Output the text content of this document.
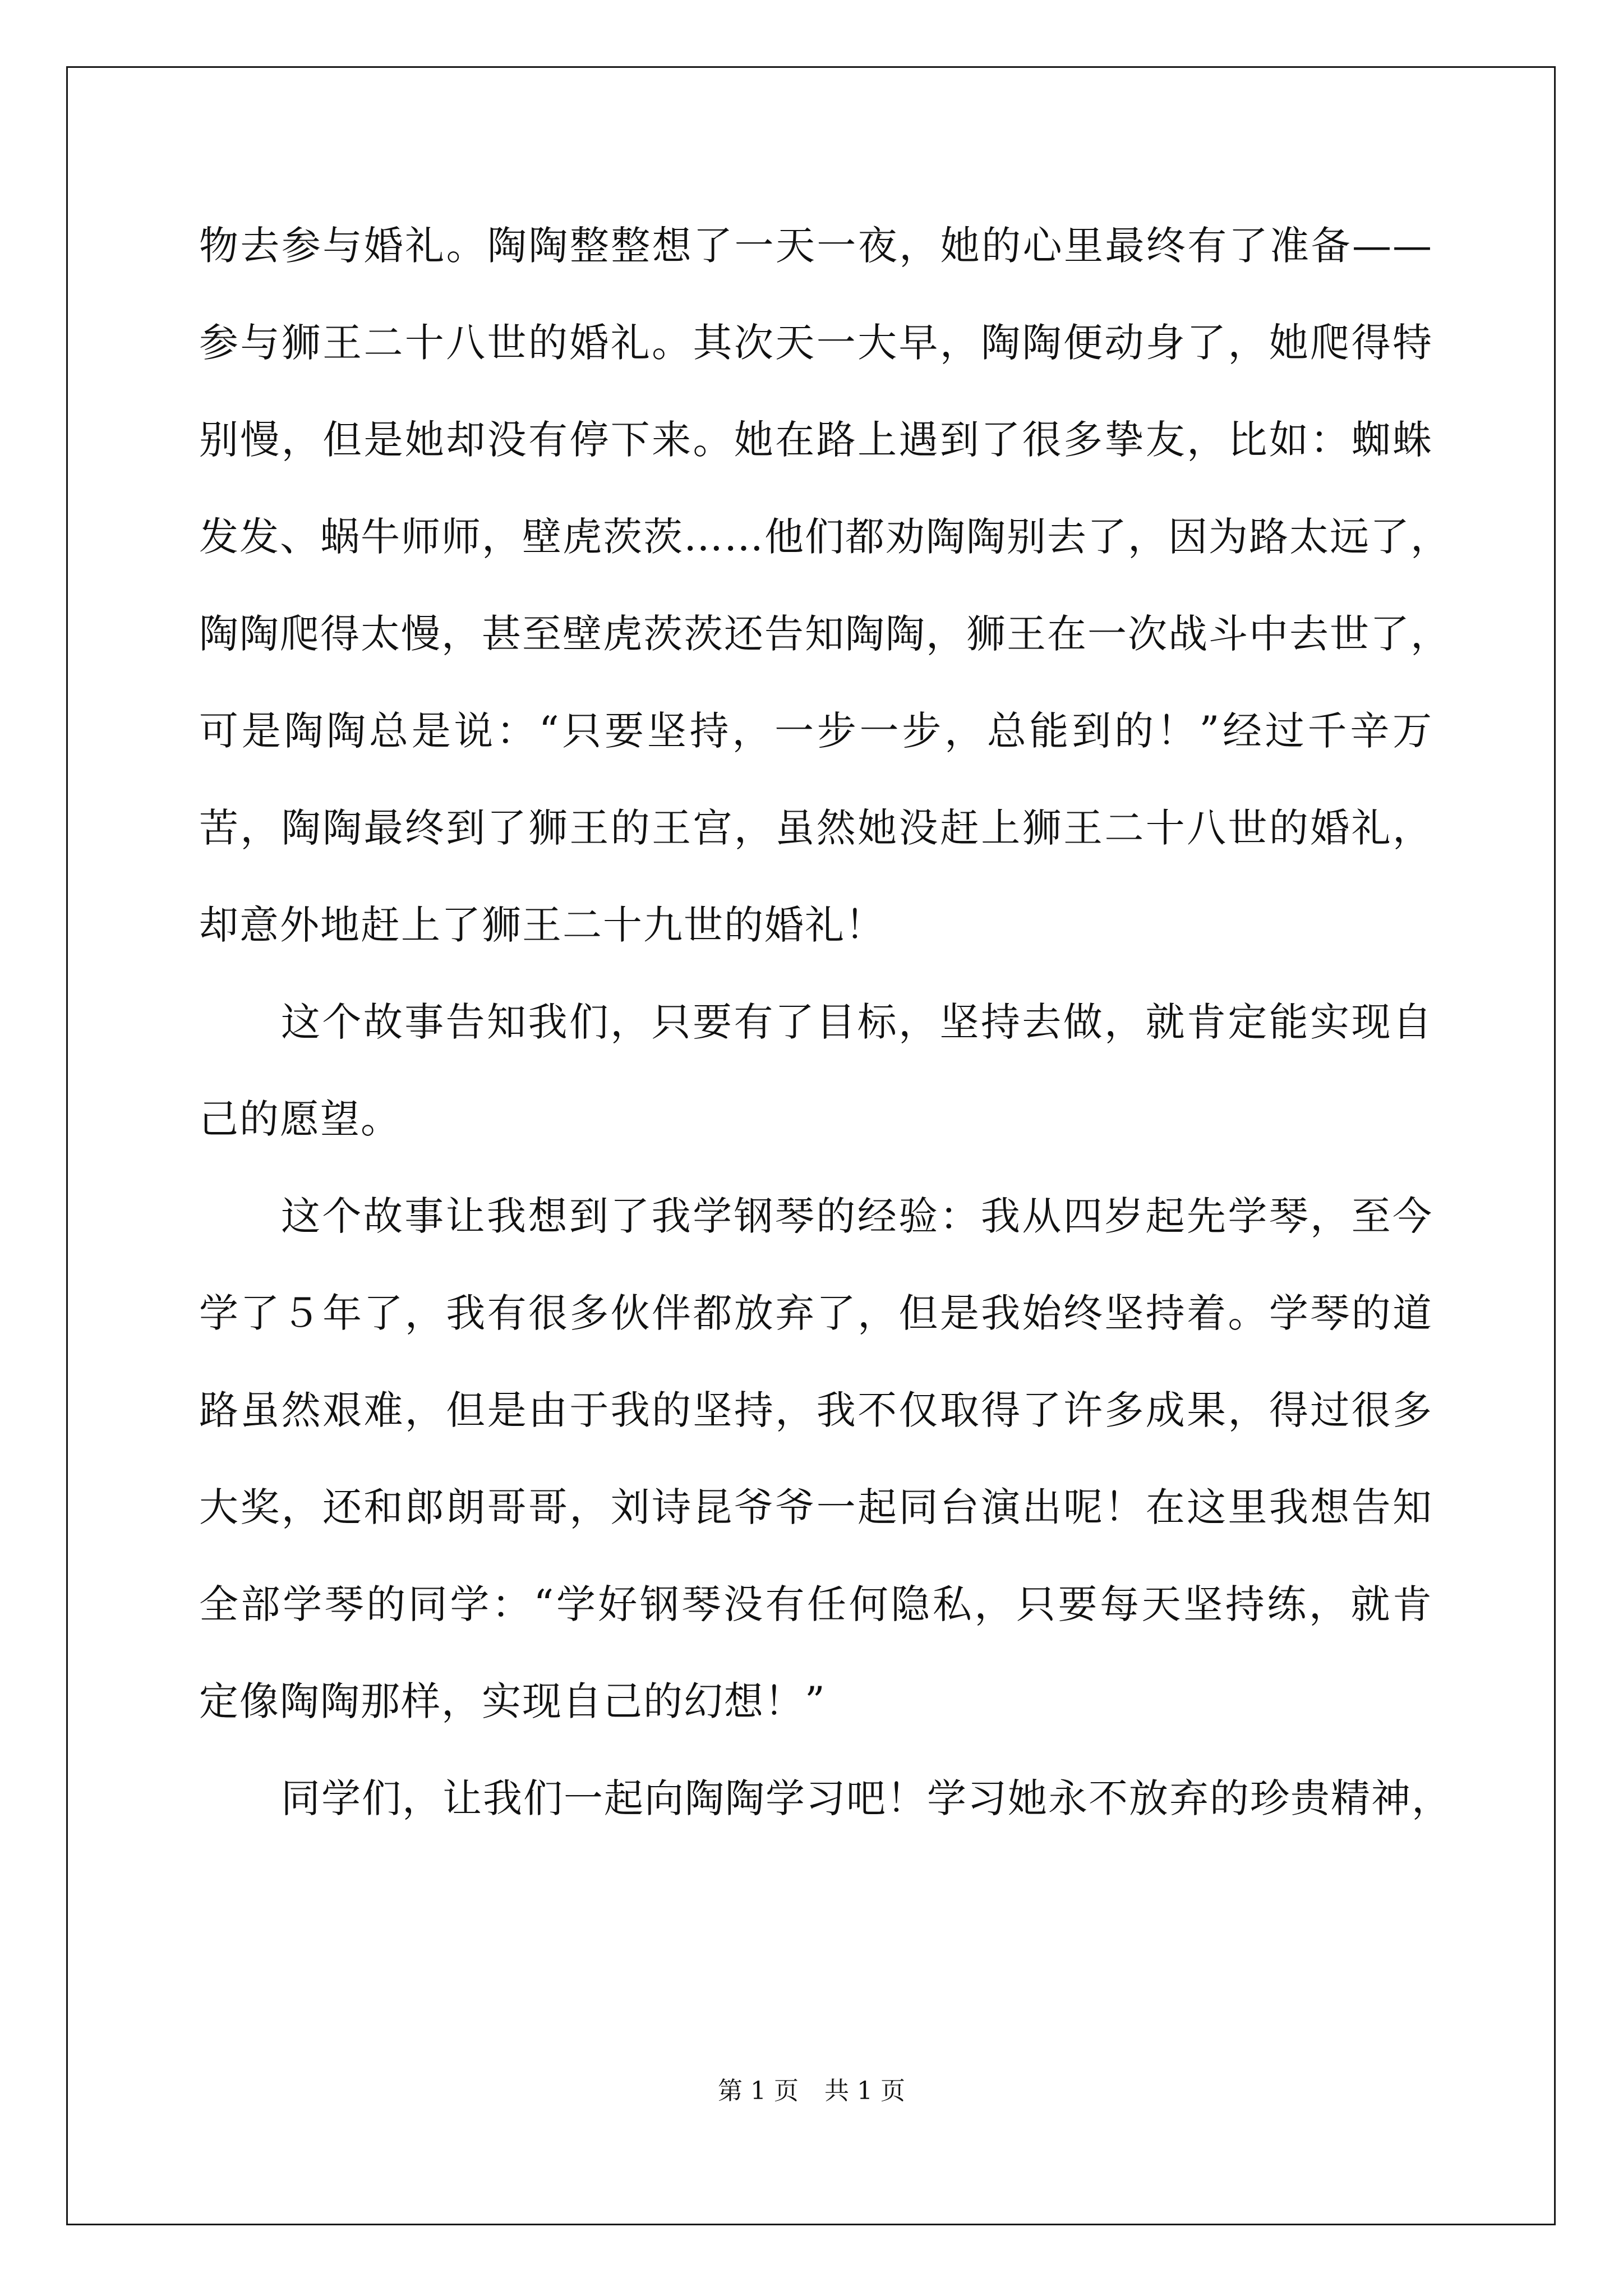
物去参与婚礼。陶陶整整想了一天一夜，她的心里最终有了准备——
参与狮王二十八世的婚礼。其次天一大早，陶陶便动身了，她爬得特
别慢，但是她却没有停下来。她在路上遇到了很多挚友，比如：蜘蛛
发发、蜗牛师师，壁虎茨茨……他们都劝陶陶别去了，因为路太远了，
陶陶爬得太慢，甚至壁虎茨茨还告知陶陶，狮王在一次战斗中去世了，
可是陶陶总是说：“只要坚持，一步一步，总能到的！”经过千辛万
苦，陶陶最终到了狮王的王宫，虽然她没赶上狮王二十八世的婚礼，
却意外地赶上了狮王二十九世的婚礼！
这个故事告知我们，只要有了目标，坚持去做，就肯定能实现自
己的愿望。
这个故事让我想到了我学钢琴的经验：我从四岁起先学琴，至今
学了５年了，我有很多伙伴都放弃了，但是我始终坚持着。学琴的道
路虽然艰难，但是由于我的坚持，我不仅取得了许多成果，得过很多
大奖，还和郎朗哥哥，刘诗昆爷爷一起同台演出呢！在这里我想告知
全部学琴的同学：“学好钢琴没有任何隐私，只要每天坚持练，就肯
定像陶陶那样，实现自己的幻想！”
同学们，让我们一起向陶陶学习吧！学习她永不放弃的珍贵精神，
第 1 页 共 1 页
